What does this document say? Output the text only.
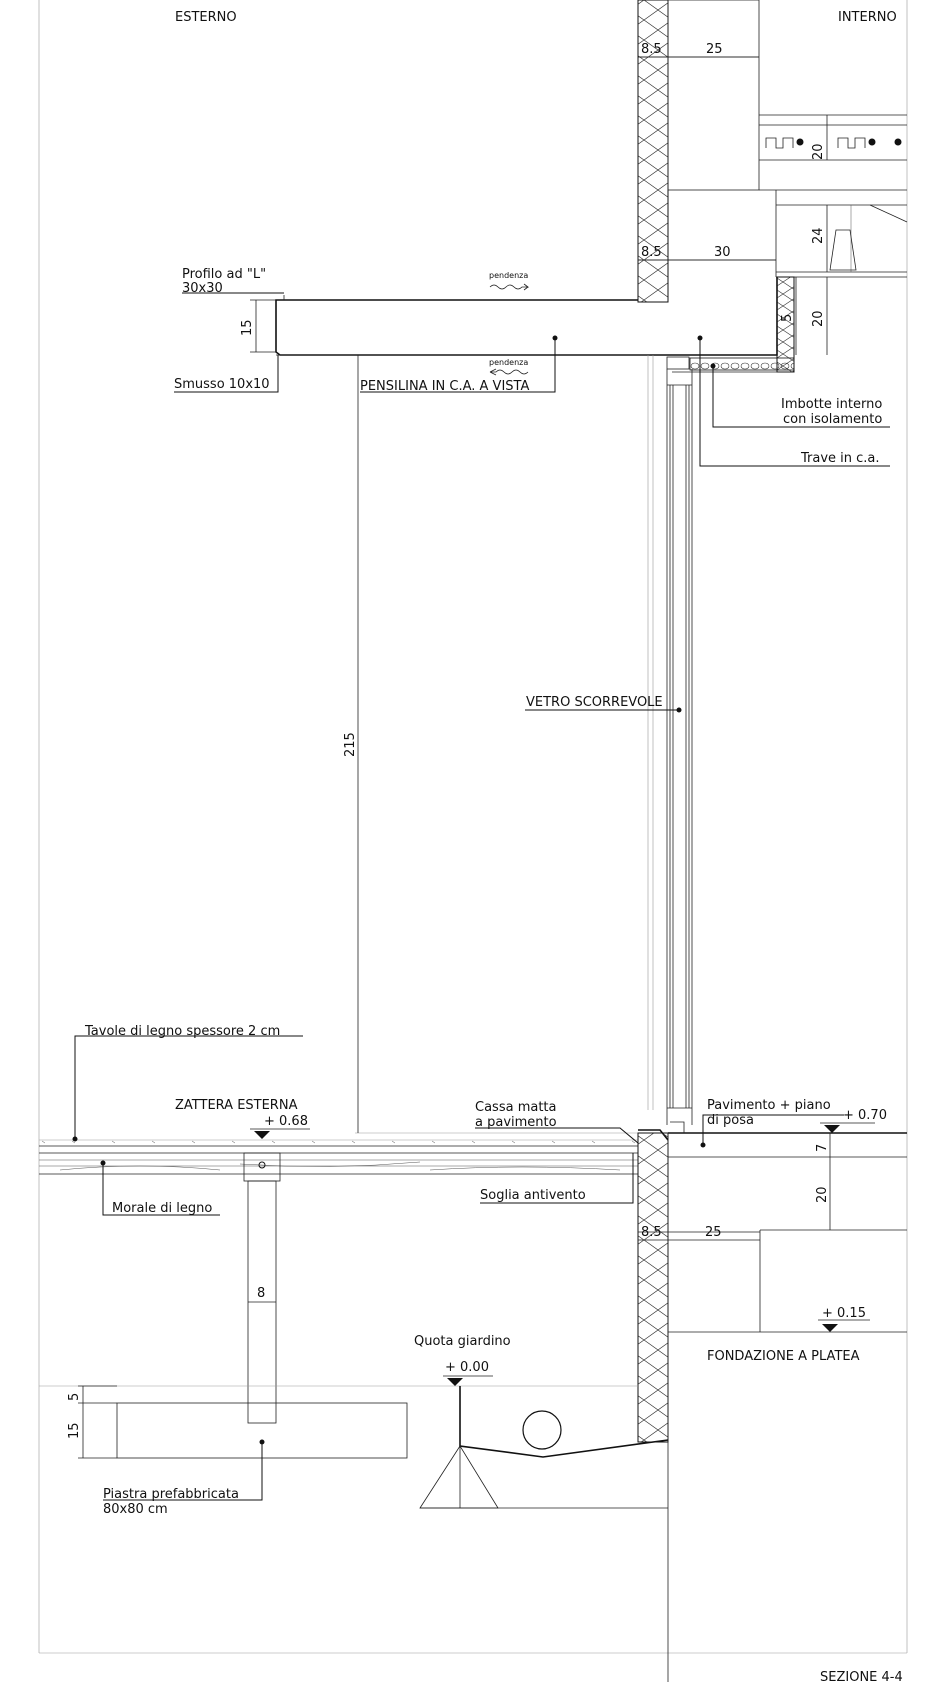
ESTERNO	INTERNO
8.5	25
20
24
8.5	30
5 20
15
215
7
20
8.5	25
8
5
15
Profilo ad "L"
30x30
Smusso 10x10	PENSILINA IN C.A. A VISTA
Imbotte interno
con isolamento
Trave in c.a.
VETRO SCORREVOLE
Tavole di legno spessore 2 cm
ZATTERA ESTERNA
+ 0.68
Cassa matta
a pavimento
Pavimento + piano
di posa	+ 0.70
Morale di legno
Soglia antivento
+ 0.15
Quota giardino
+ 0.00
FONDAZIONE A PLATEA
Piastra prefabbricata
80x80 cm
pendenza
pendenza
SEZIONE 4-4
